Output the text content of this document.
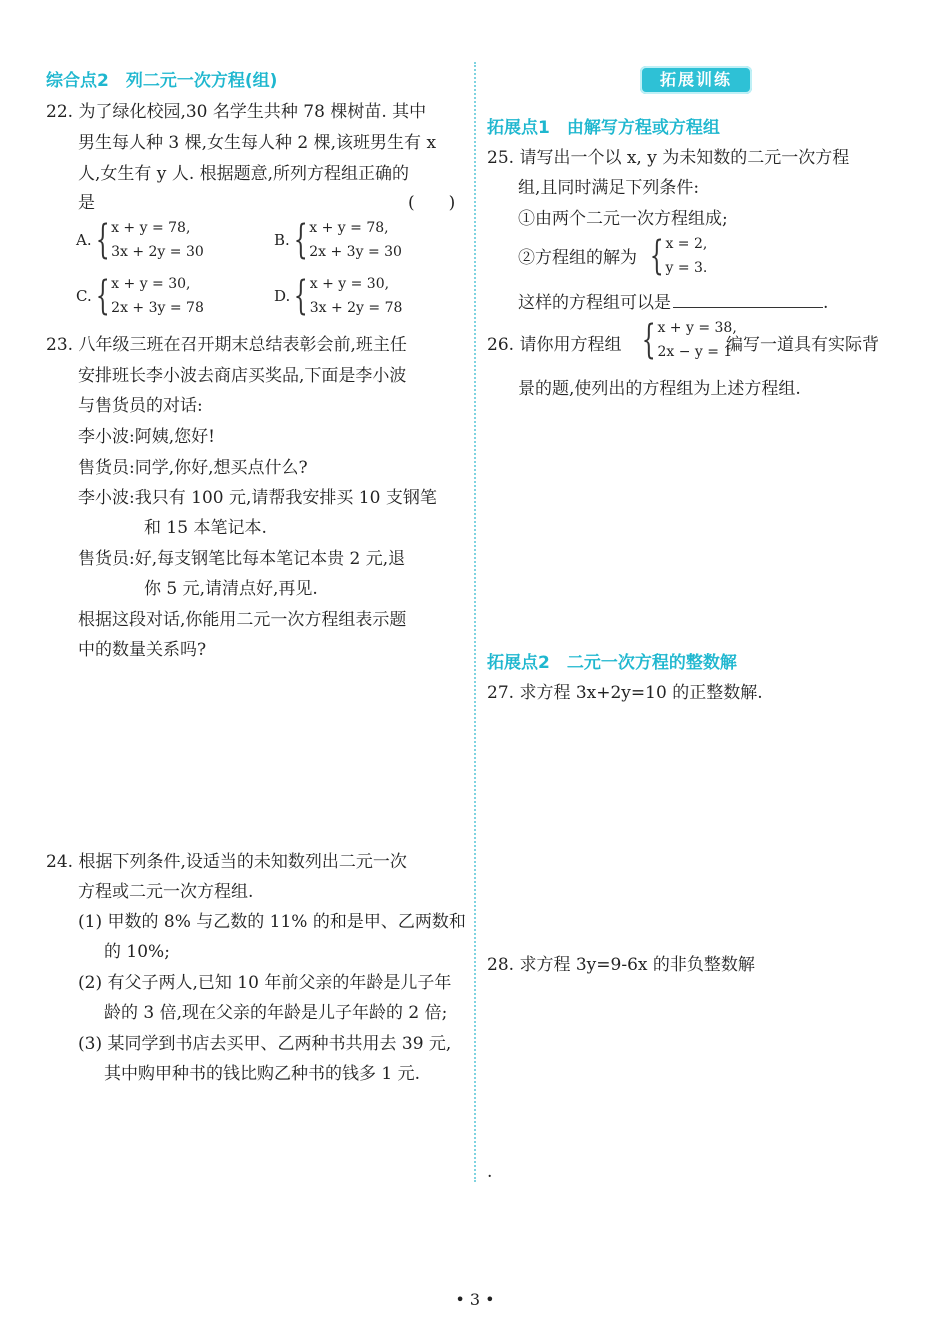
综合点2　列二元一次方程(组)
22. 为了绿化校园,30 名学生共种 78 棵树苗. 其中
男生每人种 3 棵,女生每人种 2 棵,该班男生有 x
人,女生有 y 人. 根据题意,所列方程组正确的
是	(　　)
A. { x + y = 78,
3x + 2y = 30
B. { x + y = 78,
2x + 3y = 30
C. { x + y = 30,
2x + 3y = 78
D. { x + y = 30,
3x + 2y = 78
23. 八年级三班在召开期末总结表彰会前,班主任
安排班长李小波去商店买奖品,下面是李小波
与售货员的对话:
李小波:阿姨,您好!
售货员:同学,你好,想买点什么?
李小波:我只有 100 元,请帮我安排买 10 支钢笔
和 15 本笔记本.
售货员:好,每支钢笔比每本笔记本贵 2 元,退
你 5 元,请清点好,再见.
根据这段对话,你能用二元一次方程组表示题
中的数量关系吗?
24. 根据下列条件,设适当的未知数列出二元一次
方程或二元一次方程组.
(1) 甲数的 8% 与乙数的 11% 的和是甲、乙两数和
的 10%;
(2) 有父子两人,已知 10 年前父亲的年龄是儿子年
龄的 3 倍,现在父亲的年龄是儿子年龄的 2 倍;
(3) 某同学到书店去买甲、乙两种书共用去 39 元,
其中购甲种书的钱比购乙种书的钱多 1 元.
拓展训练
拓展点1　由解写方程或方程组
25. 请写出一个以 x, y 为未知数的二元一次方程
组,且同时满足下列条件:
①由两个二元一次方程组成;
②方程组的解为 { x = 2,
y = 3.
这样的方程组可以是	.
26. 请你用方程组 { x + y = 38,
2x − y = 1
编写一道具有实际背
景的题,使列出的方程组为上述方程组.
拓展点2　二元一次方程的整数解
27. 求方程 3x+2y=10 的正整数解.
28. 求方程 3y=9-6x 的非负整数解
.
• 3 •
